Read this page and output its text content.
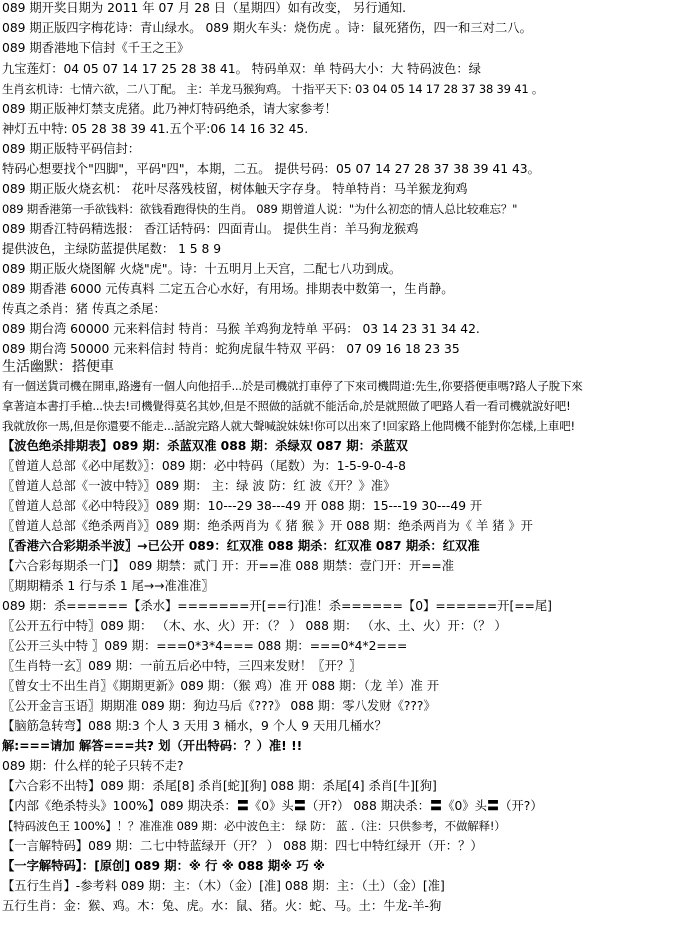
089 期开奖日期为 2011 年 07 月 28 日（星期四）如有改变， 另行通知.
089 期正版四字梅花诗：青山绿水。 089 期火车头：烧伤虎 。诗：鼠死猪伤，四一和三对二八。
089 期香港地下信封《千王之王》
九宝莲灯：04 05 07 14 17 25 28 38 41。 特码单双：单 特码大小：大 特码波色：绿
生肖玄机诗：七情六欲，二八丁配。 主：羊龙马猴狗鸡。 十指平天下: 03 04 05 14 17 28 37 38 39 41 。
089 期正版神灯禁支虎猪。此乃神灯特码绝杀，请大家参考！
神灯五中特: 05 28 38 39 41.五个平:06 14 16 32 45.
089 期正版特平码信封：
特码心想要找个"四脚"，平码"四"，本期，二五。 提供号码：05 07 14 27 28 37 38 39 41 43。
089 期正版火烧玄机： 花叶尽落残枝留，树体触天字存身。 特单特肖：马羊猴龙狗鸡
089 期香港第一手欲钱料：欲钱看跑得快的生肖。 089 期曾道人说："为什么初恋的情人总比较难忘？"
089 期香江特码精选报： 香江话特码：四面青山。 提供生肖：羊马狗龙猴鸡
提供波色，主绿防蓝提供尾数： 1 5 8 9
089 期正版火烧图解 火烧"虎"。诗：十五明月上天宫，二配七八功到成。
089 期香港 6000 元传真料 二定五合心水好，有用场。排期表中数第一，生肖静。
传真之杀肖：猪 传真之杀尾：
089 期台湾 60000 元来料信封 特肖：马猴 羊鸡狗龙特单 平码： 03 14 23 31 34 42.
089 期台湾 50000 元来料信封 特肖：蛇狗虎鼠牛特双 平码： 07 09 16 18 23 35
生活幽默：搭便車
有一個送貨司機在開車,路邊有一個人向他招手...於是司機就打車停了下來司機問道:先生,你要搭便車嗎?路人子脫下來
拿著這本書打手槍...快去!司機覺得莫名其妙,但是不照做的話就不能活命,於是就照做了吧路人看一看司機就說好吧!
我就放你一馬,但是你還要不能走...話說完路人就大聲喊說妹妹!你可以出來了!回家路上他問機不能對你怎樣,上車吧!
【波色绝杀排期表】089 期：杀蓝双准 088 期：杀绿双 087 期：杀蓝双
〖曾道人总部《必中尾数》〗：089 期：必中特码（尾数）为：1-5-9-0-4-8
〖曾道人总部《一波中特》〗089 期： 主：绿 波 防：红 波《开？》准》
〖曾道人总部《必中特段》〗089 期：10---29 38---49 开 088 期：15---19 30---49 开
〖曾道人总部《绝杀两肖》〗089 期：绝杀两肖为《 猪 猴 》开 088 期：绝杀两肖为《 羊 猪 》开
〖香港六合彩期杀半波〗→已公开 089：红双准 088 期杀：红双准 087 期杀：红双准
【六合彩每期杀一门】 089 期禁：贰门 开：开==准 088 期禁：壹门开：开==准
〖期期精杀 1 行与杀 1 尾→→准准准〗
089 期：杀======【杀水】=======开[==行]准！杀======【0】======开[==尾]
〖公开五行中特〗089 期： （木、水、火）开：（？ ） 088 期： （水、土、火）开：（？ ）
〖公开三头中特 〗089 期：===0*3*4=== 088 期：===0*4*2===
〖生肖特一玄〗089 期：一前五后必中特，三四来发财！〖开？〗
〖曾女士不出生肖〗《期期更新》089 期：（猴 鸡）准 开 088 期：（龙 羊）准 开
〖公开金言玉语〗期期准 089 期：狗边马后《???》 088 期：零八发财《???》
【脑筋急转弯】088 期:3 个人 3 天用 3 桶水，9 个人 9 天用几桶水？
解:===请加 解答===共? 划（开出特码：？）准! !!
089 期：什么样的轮子只转不走?
【六合彩不出特】089 期：杀尾[8] 杀肖[蛇][狗] 088 期：杀尾[4] 杀肖[牛][狗]
【内部《绝杀特头》100%】089 期决杀：〓《0》头〓（开?） 088 期决杀：〓《0》头〓（开?）
【特码波色王 100%】！？准准准 089 期：必中波色主： 绿 防： 蓝 .（注：只供参考，不做解释!）
【一言解特码】089 期：二七中特蓝绿开（开？ ） 088 期：四七中特红绿开（开：？）
【一字解特码】：[原创] 089 期：※ 行 ※ 088 期※ 巧 ※
【五行生肖】-参考料 089 期：主：（木）（金）[准] 088 期：主：（土）（金）[准]
五行生肖：金：猴、鸡。木：兔、虎。水：鼠、猪。火：蛇、马。土：牛龙-羊-狗
